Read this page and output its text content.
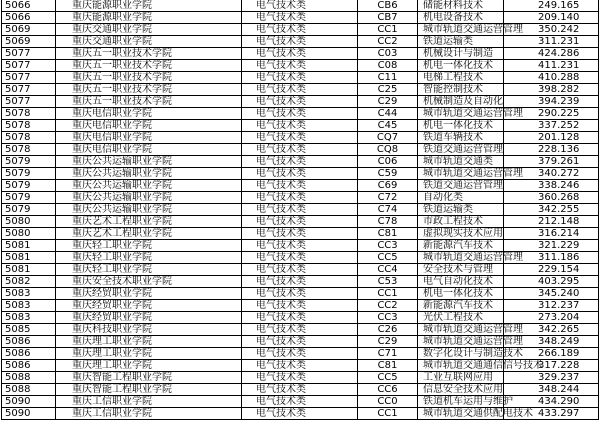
5066	重庆能源职业学院	电气技术类	CB6	储能材料技术	249.165
5066	重庆能源职业学院	电气技术类	CB7	机电设备技术	209.140
5069	重庆交通职业学院	电气技术类	CC1	城市轨道交通运营管理	350.242
5069	重庆交通职业学院	电气技术类	CC2	铁道运输类	311.231
5077	重庆五一职业技术学院	电气技术类	C03	机械设计与制造	424.286
5077	重庆五一职业技术学院	电气技术类	C08	机电一体化技术	411.231
5077	重庆五一职业技术学院	电气技术类	C11	电梯工程技术	410.288
5077	重庆五一职业技术学院	电气技术类	C25	智能控制技术	398.282
5077	重庆五一职业技术学院	电气技术类	C29	机械制造及自动化	394.239
5078	重庆电信职业学院	电气技术类	C44	城市轨道交通运营管理	290.225
5078	重庆电信职业学院	电气技术类	C45	机电一体化技术	337.252
5078	重庆电信职业学院	电气技术类	CQ7	铁道车辆技术	201.128
5078	重庆电信职业学院	电气技术类	CQ8	铁道交通运营管理	228.136
5079	重庆公共运输职业学院	电气技术类	C06	城市轨道交通类	379.261
5079	重庆公共运输职业学院	电气技术类	C59	城市轨道交通运营管理	340.272
5079	重庆公共运输职业学院	电气技术类	C69	铁道交通运营管理	338.246
5079	重庆公共运输职业学院	电气技术类	C72	自动化类	360.268
5079	重庆公共运输职业学院	电气技术类	C74	铁道运输类	342.255
5080	重庆艺术工程职业学院	电气技术类	C78	市政工程技术	212.148
5080	重庆艺术工程职业学院	电气技术类	C81	虚拟现实技术应用	316.214
5081	重庆轻工职业学院	电气技术类	CC3	新能源汽车技术	321.229
5081	重庆轻工职业学院	电气技术类	CC5	城市轨道交通运营管理	311.186
5081	重庆轻工职业学院	电气技术类	CC4	安全技术与管理	229.154
5082	重庆安全技术职业学院	电气技术类	C53	电气自动化技术	403.295
5083	重庆经贸职业学院	电气技术类	CC1	机电一体化技术	345.240
5083	重庆经贸职业学院	电气技术类	CC2	新能源汽车技术	312.237
5083	重庆经贸职业学院	电气技术类	CC3	光伏工程技术	273.204
5085	重庆科技职业学院	电气技术类	C26	城市轨道交通运营管理	342.265
5086	重庆理工职业学院	电气技术类	C29	城市轨道交通运营管理	348.249
5086	重庆理工职业学院	电气技术类	C71	数字化设计与制造技术	266.189
5086	重庆理工职业学院	电气技术类	C81	城市轨道交通通信信号技术	317.228
5088	重庆智能工程职业学院	电气技术类	CC5	工业互联网应用	329.237
5088	重庆智能工程职业学院	电气技术类	CC6	信息安全技术应用	348.244
5090	重庆工信职业学院	电气技术类	CC0	铁道机车运用与维护	434.290
5090	重庆工信职业学院	电气技术类	CC1	城市轨道交通供配电技术	433.297
